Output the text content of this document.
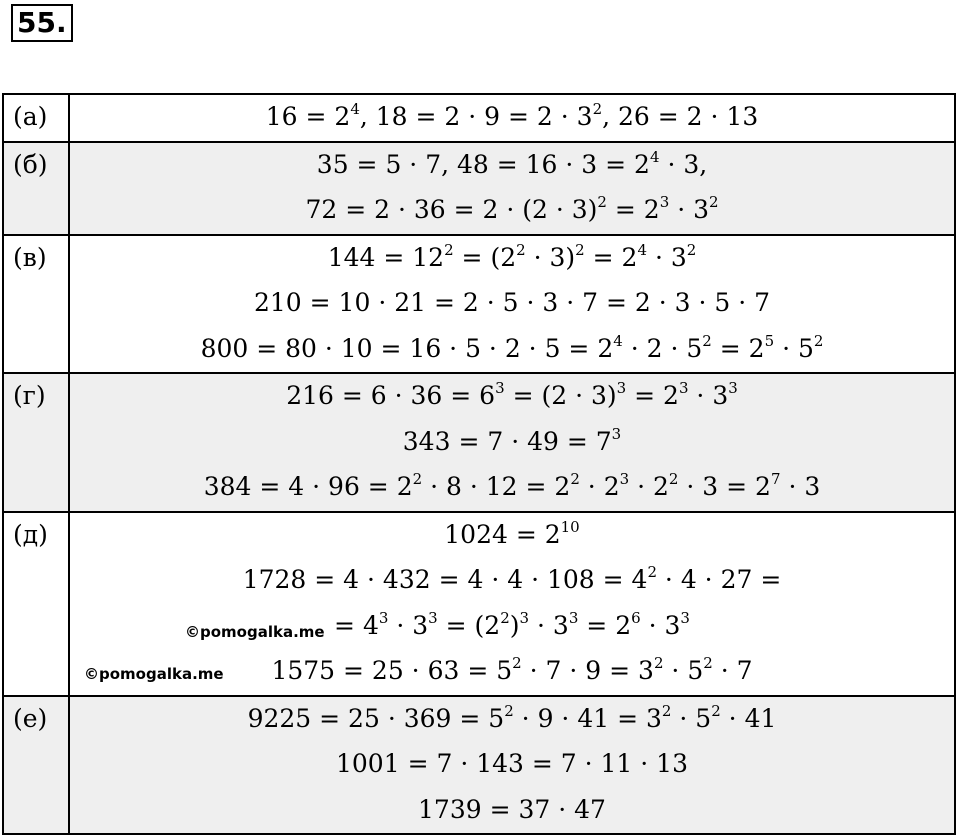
55.
(а)	$16 = 2^4$, $18 = 2 \cdot 9 = 2 \cdot 3^2$, 26 = 2 · 13

(б)	35 = 5 · 7, $48 = 16 \cdot 3 = 2^4 \cdot 3$,
$72 = 2 \cdot 36 = 2 \cdot (2 \cdot 3)^2 = 2^3 \cdot 3^2$

(в)	$144 = 12^2 = (2^2 \cdot 3)^2 = 2^4 \cdot 3^2$
210 = 10 · 21 = 2 · 5 · 3 · 7 = 2 · 3 · 5 · 7
$800 = 80 \cdot 10 = 16 \cdot 5 \cdot 2 \cdot 5 = 2^4 \cdot 2 \cdot 5^2 = 2^5 \cdot 5^2$

(г)	$216 = 6 \cdot 36 = 6^3 = (2 \cdot 3)^3 = 2^3 \cdot 3^3$
$343 = 7 \cdot 49 = 7^3$
$384 = 4 \cdot 96 = 2^2 \cdot 8 \cdot 12 = 2^2 \cdot 2^3 \cdot 2^2 \cdot 3 = 2^7 \cdot 3$

(д)	$1024 = 2^{10}$
$1728 = 4 \cdot 432 = 4 \cdot 4 \cdot 108 = 4^2 \cdot 4 \cdot 27$ =
= $4^3 \cdot 3^3 = (2^2)^3 \cdot 3^3 = 2^6 \cdot 3^3$
$1575 = 25 \cdot 63 = 5^2 \cdot 7 \cdot 9 = 3^2 \cdot 5^2 \cdot 7$

(е)	$9225 = 25 \cdot 369 = 5^2 \cdot 9 \cdot 41 = 3^2 \cdot 5^2 \cdot 41$
1001 = 7 · 143 = 7 · 11 · 13
1739 = 37 · 47
©pomogalka.me
©pomogalka.me
